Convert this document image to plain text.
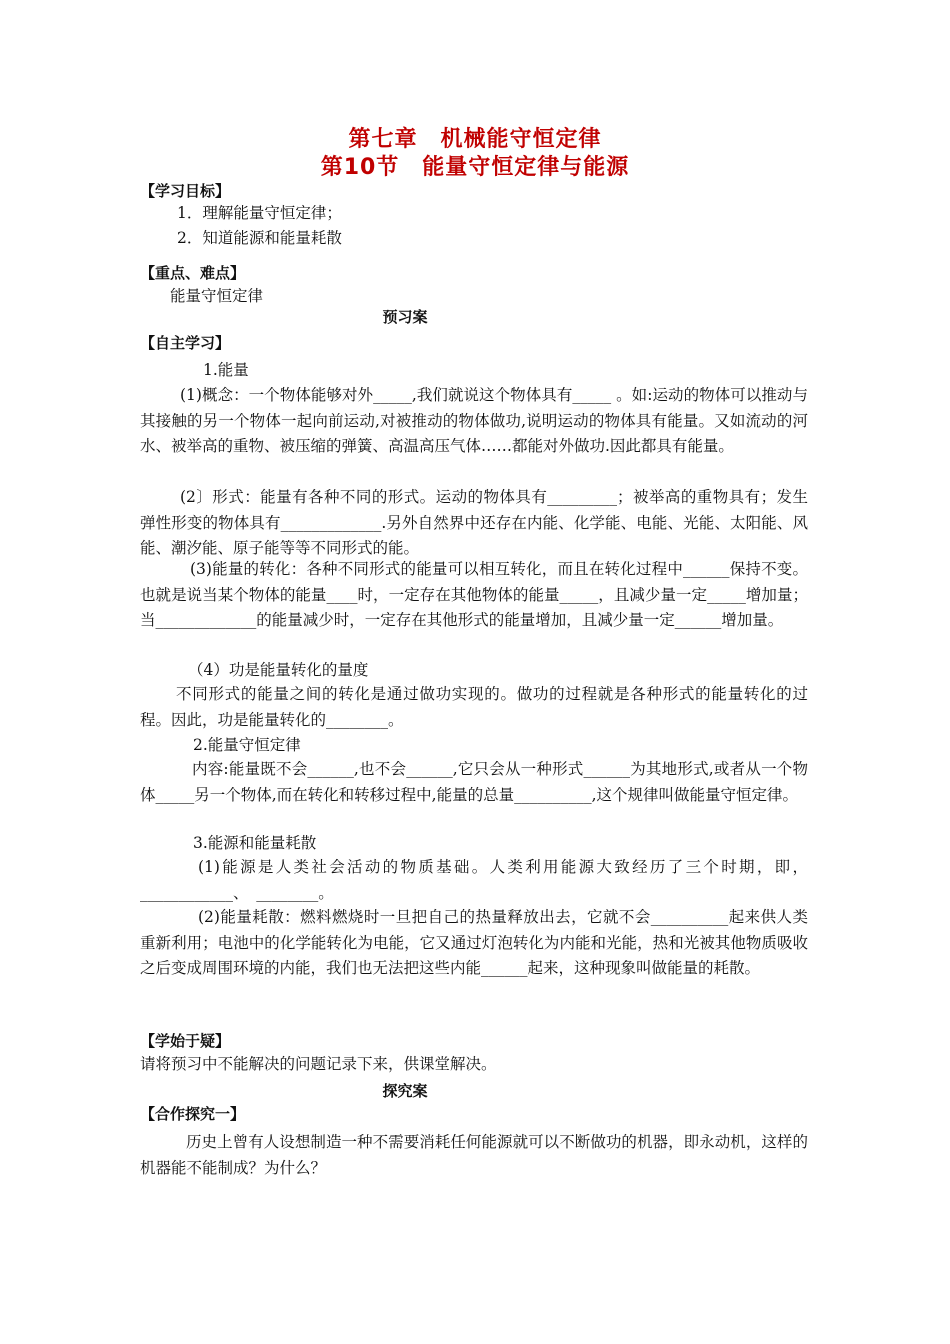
第七章　机械能守恒定律
第10节　能量守恒定律与能源
【学习目标】
1．理解能量守恒定律；
2．知道能源和能量耗散
【重点、难点】
能量守恒定律
预习案
【自主学习】
1.能量
(1)概念：一个物体能够对外_____,我们就说这个物体具有_____ 。如:运动的物体可以推动与其接触的另一个物体一起向前运动,对被推动的物体做功,说明运动的物体具有能量。又如流动的河水、被举高的重物、被压缩的弹簧、高温高压气体……都能对外做功.因此都具有能量。
(2〕形式：能量有各种不同的形式。运动的物体具有_________；被举高的重物具有；发生弹性形变的物体具有_____________.另外自然界中还存在内能、化学能、电能、光能、太阳能、风能、潮汐能、原子能等等不同形式的能。
(3)能量的转化：各种不同形式的能量可以相互转化，而且在转化过程中______保持不变。也就是说当某个物体的能量____时，一定存在其他物体的能量_____，且减少量一定_____增加量；当_____________的能量减少时，一定存在其他形式的能量增加，且减少量一定______增加量。
（4）功是能量转化的量度
不同形式的能量之间的转化是通过做功实现的。做功的过程就是各种形式的能量转化的过程。因此，功是能量转化的________。
2.能量守恒定律
内容:能量既不会______,也不会______,它只会从一种形式______为其地形式,或者从一个物体_____另一个物体,而在转化和转移过程中,能量的总量__________,这个规律叫做能量守恒定律。
3.能源和能量耗散
(1)能源是人类社会活动的物质基础。人类利用能源大致经历了三个时期，即，____________、　________。
(2)能量耗散：燃料燃烧时一旦把自己的热量释放出去，它就不会__________起来供人类重新利用；电池中的化学能转化为电能，它又通过灯泡转化为内能和光能，热和光被其他物质吸收之后变成周围环境的内能，我们也无法把这些内能______起来，这种现象叫做能量的耗散。
【学始于疑】
请将预习中不能解决的问题记录下来，供课堂解决。
探究案
【合作探究一】
历史上曾有人设想制造一种不需要消耗任何能源就可以不断做功的机器，即永动机，这样的机器能不能制成？为什么？
